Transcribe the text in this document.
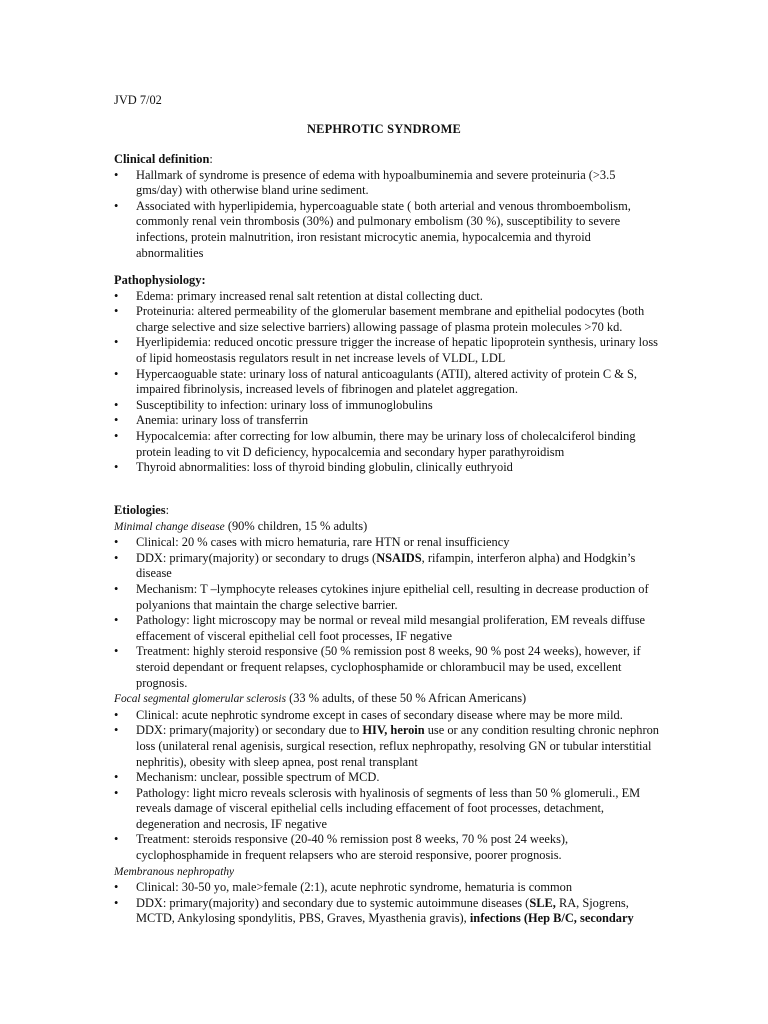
JVD 7/02
NEPHROTIC SYNDROME
Clinical definition:
• Hallmark of syndrome is presence of edema with hypoalbuminemia and severe proteinuria (>3.5 gms/day) with otherwise bland urine sediment.
• Associated with hyperlipidemia, hypercoaguable state ( both arterial and venous thromboembolism, commonly renal vein thrombosis (30%) and pulmonary embolism (30 %), susceptibility to severe infections, protein malnutrition, iron resistant microcytic anemia, hypocalcemia and thyroid abnormalities
Pathophysiology:
• Edema: primary increased renal salt retention at distal collecting duct.
• Proteinuria: altered permeability of the glomerular basement membrane and epithelial podocytes (both charge selective and size selective barriers) allowing passage of plasma protein molecules >70 kd.
• Hyerlipidemia: reduced oncotic pressure trigger the increase of hepatic lipoprotein synthesis, urinary loss of lipid homeostasis regulators result in net increase levels of VLDL, LDL
• Hypercaoguable state: urinary loss of natural anticoagulants (ATII), altered activity of protein C & S, impaired fibrinolysis, increased levels of fibrinogen and platelet aggregation.
• Susceptibility to infection: urinary loss of immunoglobulins
• Anemia: urinary loss of transferrin
• Hypocalcemia: after correcting for low albumin, there may be urinary loss of cholecalciferol binding protein leading to vit D deficiency, hypocalcemia and secondary hyper parathyroidism
• Thyroid abnormalities: loss of thyroid binding globulin, clinically euthryoid
Etiologies:
Minimal change disease (90% children, 15 % adults)
• Clinical: 20 % cases with micro hematuria, rare HTN or renal insufficiency
• DDX: primary(majority) or secondary to drugs (NSAIDS, rifampin, interferon alpha) and Hodgkin’s disease
• Mechanism: T –lymphocyte releases cytokines injure epithelial cell, resulting in decrease production of polyanions that maintain the charge selective barrier.
• Pathology: light microscopy may be normal or reveal mild mesangial proliferation, EM reveals diffuse effacement of visceral epithelial cell foot processes, IF negative
• Treatment: highly steroid responsive (50 % remission post 8 weeks, 90 % post 24 weeks), however, if steroid dependant or frequent relapses, cyclophosphamide or chlorambucil may be used, excellent prognosis.
Focal segmental glomerular sclerosis (33 % adults, of these 50 % African Americans)
• Clinical: acute nephrotic syndrome except in cases of secondary disease where may be more mild.
• DDX: primary(majority) or secondary due to HIV, heroin use or any condition resulting chronic nephron loss (unilateral renal agenisis, surgical resection, reflux nephropathy, resolving GN or tubular interstitial nephritis), obesity with sleep apnea, post renal transplant
• Mechanism: unclear, possible spectrum of MCD.
• Pathology: light micro reveals sclerosis with hyalinosis of segments of less than 50 % glomeruli., EM reveals damage of visceral epithelial cells including effacement of foot processes, detachment, degeneration and necrosis, IF negative
• Treatment: steroids responsive (20-40 % remission post 8 weeks, 70 % post 24 weeks), cyclophosphamide in frequent relapsers who are steroid responsive, poorer prognosis.
Membranous nephropathy
• Clinical: 30-50 yo, male>female (2:1), acute nephrotic syndrome, hematuria is common
• DDX: primary(majority) and secondary due to systemic autoimmune diseases (SLE, RA, Sjogrens, MCTD, Ankylosing spondylitis, PBS, Graves, Myasthenia gravis), infections (Hep B/C, secondary
